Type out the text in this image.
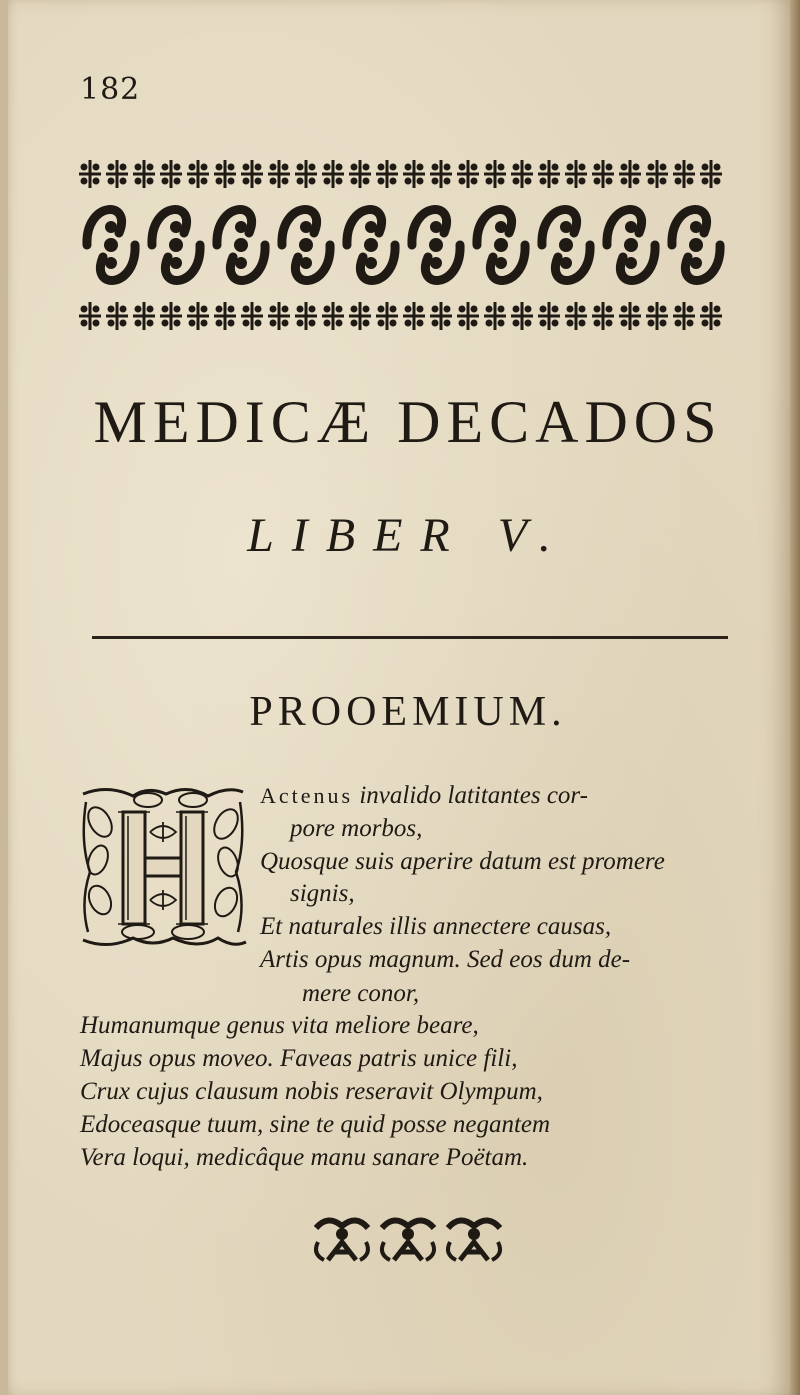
182
MEDICÆ DECADOS
LIBER V.
PROOEMIUM.
Actenus invalido latitantes cor-
pore morbos,
Quosque suis aperire datum est promere
signis,
Et naturales illis annectere causas,
Artis opus magnum. Sed eos dum de-
mere conor,
Humanumque genus vita meliore beare,
Majus opus moveo. Faveas patris unice fili,
Crux cujus clausum nobis reseravit Olympum,
Edoceasque tuum, sine te quid posse negantem
Vera loqui, medicâque manu sanare Poëtam.
